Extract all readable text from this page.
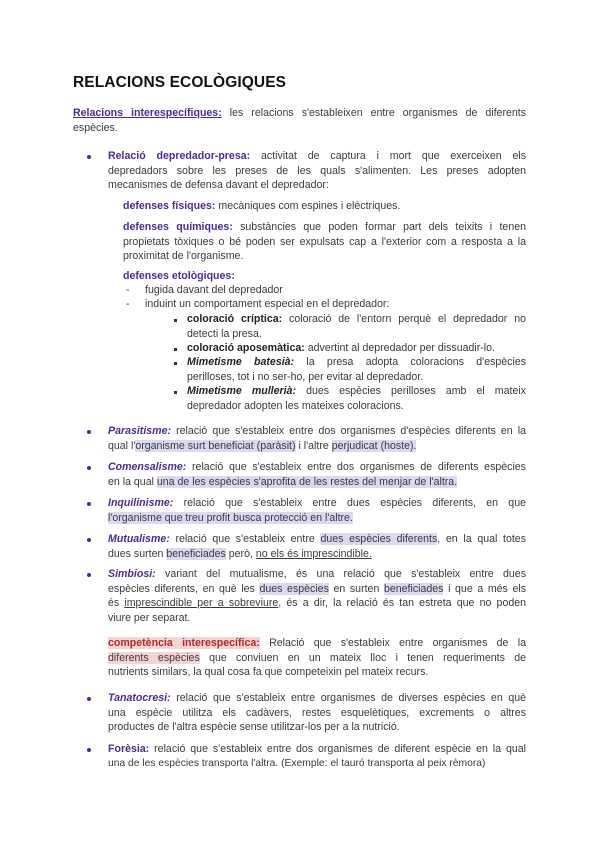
RELACIONS ECOLÒGIQUES
Relacions interespecífiques: les relacions s'estableixen entre organismes de diferents
espècies.
Relació depredador-presa: activitat de captura i mort que exerceixen els
depredadors sobre les preses de les quals s'alimenten. Les preses adopten
mecanismes de defensa davant el depredador:
defenses físiques: mecàniques com espines i elèctriques.
defenses químiques: substàncies que poden formar part dels teixits i tenen
propietats tòxiques o bé poden ser expulsats cap a l'exterior com a resposta a la
proximitat de l'organisme.
defenses etològiques:
- fugida davant del depredador
- induint un comportament especial en el depredador:
coloració críptica: coloració de l'entorn perquè el depredador no
detecti la presa.
coloració aposemàtica: advertint al depredador per dissuadir-lo.
Mimetisme batesià: la presa adopta coloracions d'espècies
perilloses, tot i no ser-ho, per evitar al depredador.
Mimetisme mullerià: dues espècies perilloses amb el mateix
depredador adopten les mateixes coloracions.
Parasitisme: relació que s'estableix entre dos organismes d'espècies diferents en la
qual l'organisme surt beneficiat (paràsit) i l'altre perjudicat (hoste).
Comensalisme: relació que s'estableix entre dos organismes de diferents espècies
en la qual una de les espècies s'aprofita de les restes del menjar de l'altra.
Inquilinisme: relació que s'estableix entre dues espècies diferents, en que
l'organisme que treu profit busca protecció en l'altre.
Mutualisme: relació que s'estableix entre dues espècies diferents, en la qual totes
dues surten beneficiades però, no els és imprescindible.
Simbiosi: variant del mutualisme, és una relació que s'estableix entre dues
espècies diferents, en què les dues espècies en surten beneficiades i que a més els
és imprescindible per a sobreviure, és a dir, la relació és tan estreta que no poden
viure per separat.
competència interespecífica: Relació que s'estableix entre organismes de la
diferents espècies que conviuen en un mateix lloc i tenen requeriments de
nutrients similars, la qual cosa fa que competeixin pel mateix recurs.
Tanatocresi: relació que s'estableix entre organismes de diverses espècies en què
una espècie utilitza els cadàvers, restes esquelètiques, excrements o altres
productes de l'altra espècie sense utilitzar-los per a la nutrició.
Forèsia: relació que s'estableix entre dos organismes de diferent espècie en la qual
una de les espècies transporta l'altra. (Exemple: el tauró transporta al peix rèmora)
